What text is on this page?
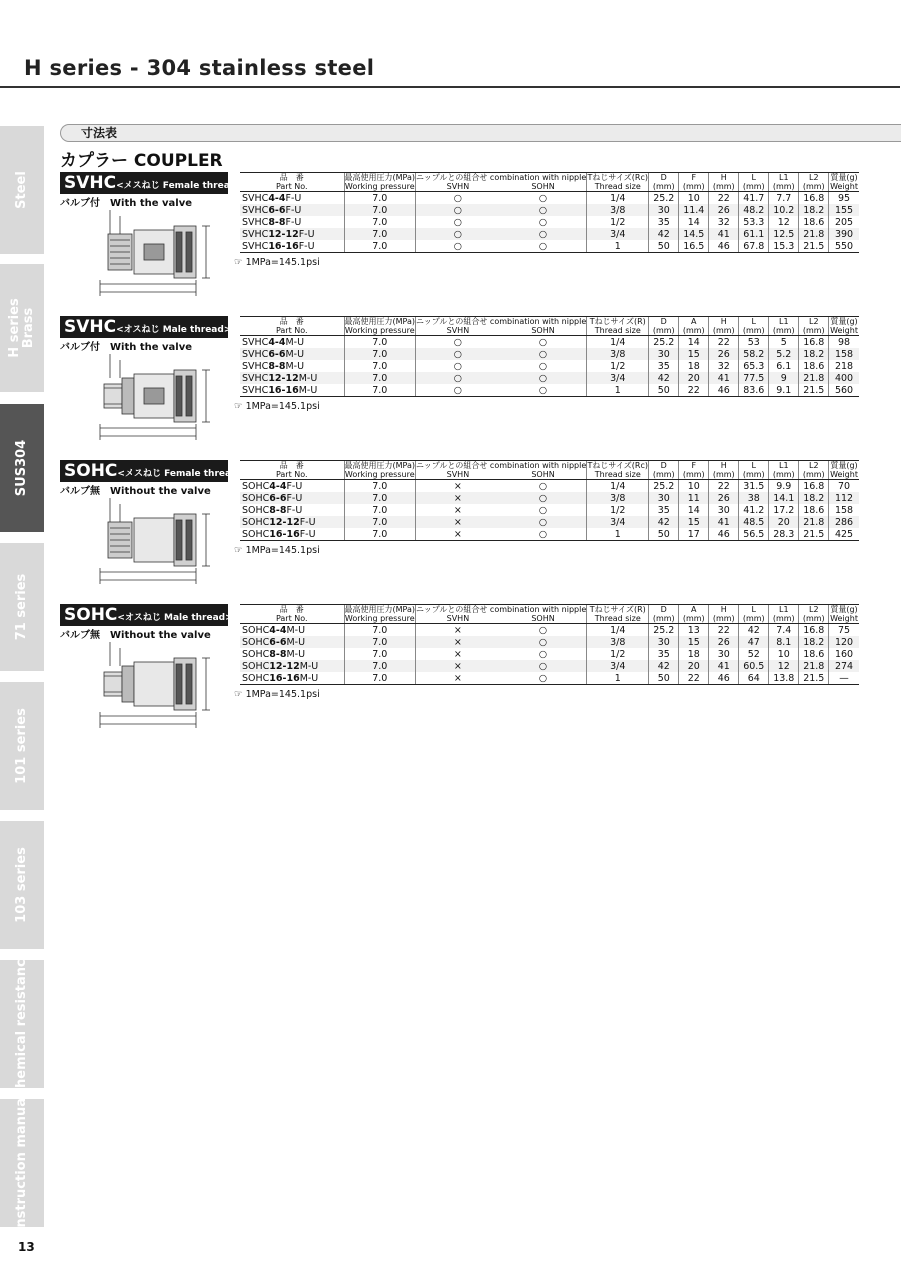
H series - 304 stainless steel
Steel
H series Brass
SUS304
71 series
101 series
103 series
Chemical resistance
Instruction manual
寸法表
カプラー COUPLER
SVHC<メスねじ Female thread>
バルブ付 With the valve
品　番	最高使用圧力(MPa)	ニップルとの組合せ combination with nipple		Tねじサイズ(Rc)	D	F	H	L	L1	L2	質量(g)
Part No.	Working pressure	SVHN	SOHN	Thread size	(mm)	(mm)	(mm)	(mm)	(mm)	(mm)	Weight
SVHC4-4F-U	7.0	○	○	1/4	25.2	10	22	41.7	7.7	16.8	95
SVHC6-6F-U	7.0	○	○	3/8	30	11.4	26	48.2	10.2	18.2	155
SVHC8-8F-U	7.0	○	○	1/2	35	14	32	53.3	12	18.6	205
SVHC12-12F-U	7.0	○	○	3/4	42	14.5	41	61.1	12.5	21.8	390
SVHC16-16F-U	7.0	○	○	1	50	16.5	46	67.8	15.3	21.5	550
☞ 1MPa=145.1psi
SVHC<オスねじ Male thread>
バルブ付 With the valve
品　番	最高使用圧力(MPa)	ニップルとの組合せ combination with nipple		Tねじサイズ(R)	D	A	H	L	L1	L2	質量(g)
Part No.	Working pressure	SVHN	SOHN	Thread size	(mm)	(mm)	(mm)	(mm)	(mm)	(mm)	Weight
SVHC4-4M-U	7.0	○	○	1/4	25.2	14	22	53	5	16.8	98
SVHC6-6M-U	7.0	○	○	3/8	30	15	26	58.2	5.2	18.2	158
SVHC8-8M-U	7.0	○	○	1/2	35	18	32	65.3	6.1	18.6	218
SVHC12-12M-U	7.0	○	○	3/4	42	20	41	77.5	9	21.8	400
SVHC16-16M-U	7.0	○	○	1	50	22	46	83.6	9.1	21.5	560
☞ 1MPa=145.1psi
SOHC<メスねじ Female thread>
バルブ無 Without the valve
品　番	最高使用圧力(MPa)	ニップルとの組合せ combination with nipple		Tねじサイズ(Rc)	D	F	H	L	L1	L2	質量(g)
Part No.	Working pressure	SVHN	SOHN	Thread size	(mm)	(mm)	(mm)	(mm)	(mm)	(mm)	Weight
SOHC4-4F-U	7.0	×	○	1/4	25.2	10	22	31.5	9.9	16.8	70
SOHC6-6F-U	7.0	×	○	3/8	30	11	26	38	14.1	18.2	112
SOHC8-8F-U	7.0	×	○	1/2	35	14	30	41.2	17.2	18.6	158
SOHC12-12F-U	7.0	×	○	3/4	42	15	41	48.5	20	21.8	286
SOHC16-16F-U	7.0	×	○	1	50	17	46	56.5	28.3	21.5	425
☞ 1MPa=145.1psi
SOHC<オスねじ Male thread>
バルブ無 Without the valve
品　番	最高使用圧力(MPa)	ニップルとの組合せ combination with nipple		Tねじサイズ(R)	D	A	H	L	L1	L2	質量(g)
Part No.	Working pressure	SVHN	SOHN	Thread size	(mm)	(mm)	(mm)	(mm)	(mm)	(mm)	Weight
SOHC4-4M-U	7.0	×	○	1/4	25.2	13	22	42	7.4	16.8	75
SOHC6-6M-U	7.0	×	○	3/8	30	15	26	47	8.1	18.2	120
SOHC8-8M-U	7.0	×	○	1/2	35	18	30	52	10	18.6	160
SOHC12-12M-U	7.0	×	○	3/4	42	20	41	60.5	12	21.8	274
SOHC16-16M-U	7.0	×	○	1	50	22	46	64	13.8	21.5	—
☞ 1MPa=145.1psi
13
